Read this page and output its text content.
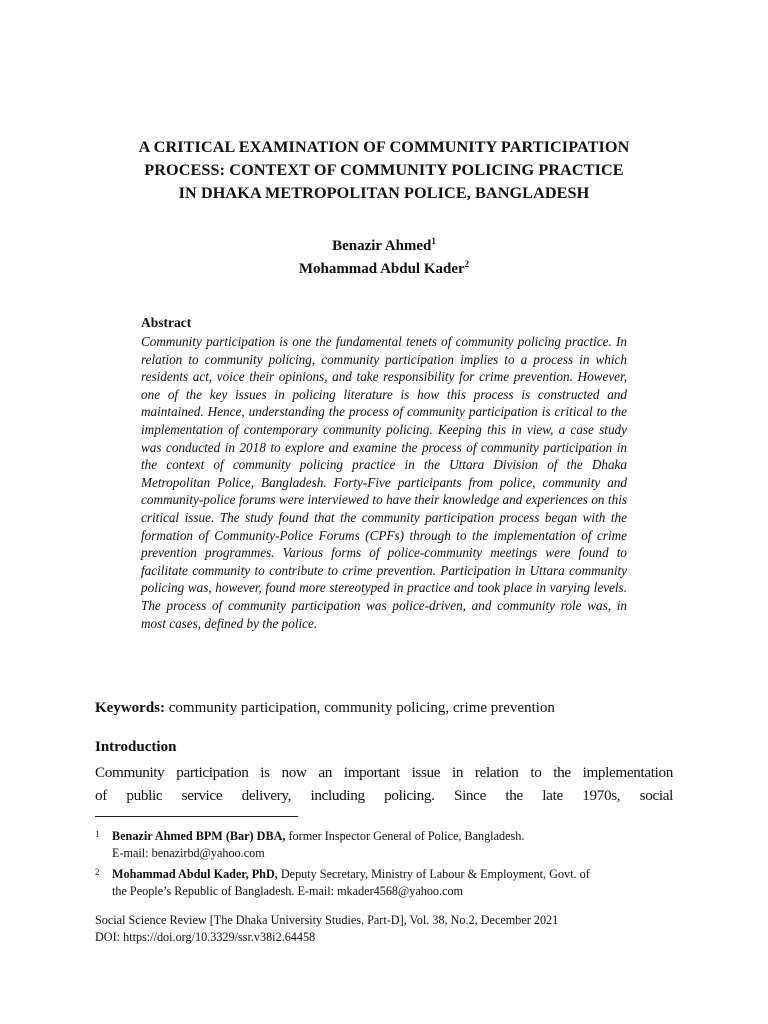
A CRITICAL EXAMINATION OF COMMUNITY PARTICIPATION
PROCESS: CONTEXT OF COMMUNITY POLICING PRACTICE
IN DHAKA METROPOLITAN POLICE, BANGLADESH
Benazir Ahmed$^1$
Mohammad Abdul Kader$^2$
Abstract
Community participation is one the fundamental tenets of community policing practice. In relation to community policing, community participation implies to a process in which residents act, voice their opinions, and take responsibility for crime prevention. However, one of the key issues in policing literature is how this process is constructed and maintained. Hence, understanding the process of community participation is critical to the implementation of contemporary community policing. Keeping this in view, a case study was conducted in 2018 to explore and examine the process of community participation in the context of community policing practice in the Uttara Division of the Dhaka Metropolitan Police, Bangladesh. Forty-Five participants from police, community and community-police forums were interviewed to have their knowledge and experiences on this critical issue. The study found that the community participation process began with the formation of Community-Police Forums (CPFs) through to the implementation of crime prevention programmes. Various forms of police-community meetings were found to facilitate community to contribute to crime prevention. Participation in Uttara community policing was, however, found more stereotyped in practice and took place in varying levels. The process of community participation was police-driven, and community role was, in most cases, defined by the police.
Keywords: community participation, community policing, crime prevention
Introduction
Community participation is now an important issue in relation to the implementation
of public service delivery, including policing. Since the late 1970s, social
1 Benazir Ahmed BPM (Bar) DBA, former Inspector General of Police, Bangladesh.
E-mail: benazirbd@yahoo.com
2 Mohammad Abdul Kader, PhD, Deputy Secretary, Ministry of Labour & Employment, Govt. of
the People’s Republic of Bangladesh. E-mail: mkader4568@yahoo.com
Social Science Review [The Dhaka University Studies, Part-D], Vol. 38, No.2, December 2021
DOI: https://doi.org/10.3329/ssr.v38i2.64458
